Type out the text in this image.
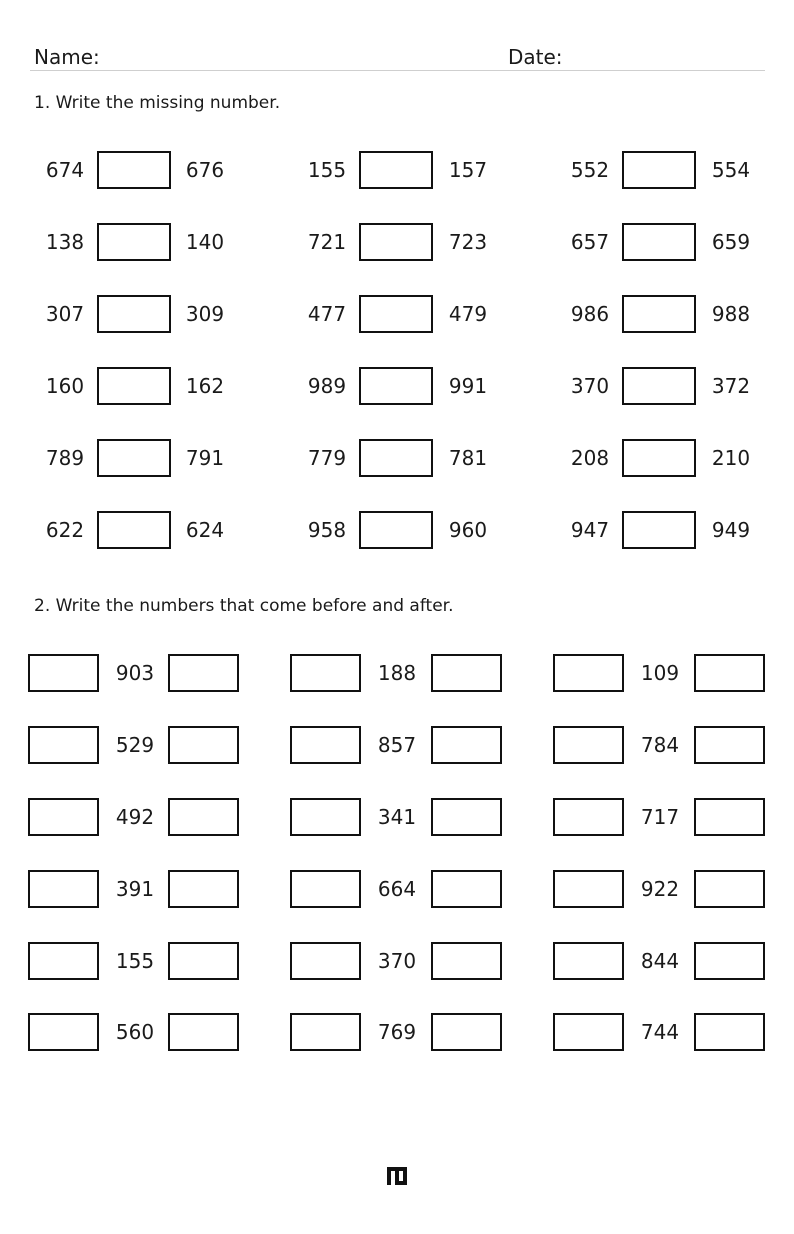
Name:	Date:
1. Write the missing number.
674	676	155	157	552	554
138	140	721	723	657	659
307	309	477	479	986	988
160	162	989	991	370	372
789	791	779	781	208	210
622	624	958	960	947	949
2. Write the numbers that come before and after.
903	188	109
529	857	784
492	341	717
391	664	922
155	370	844
560	769	744
